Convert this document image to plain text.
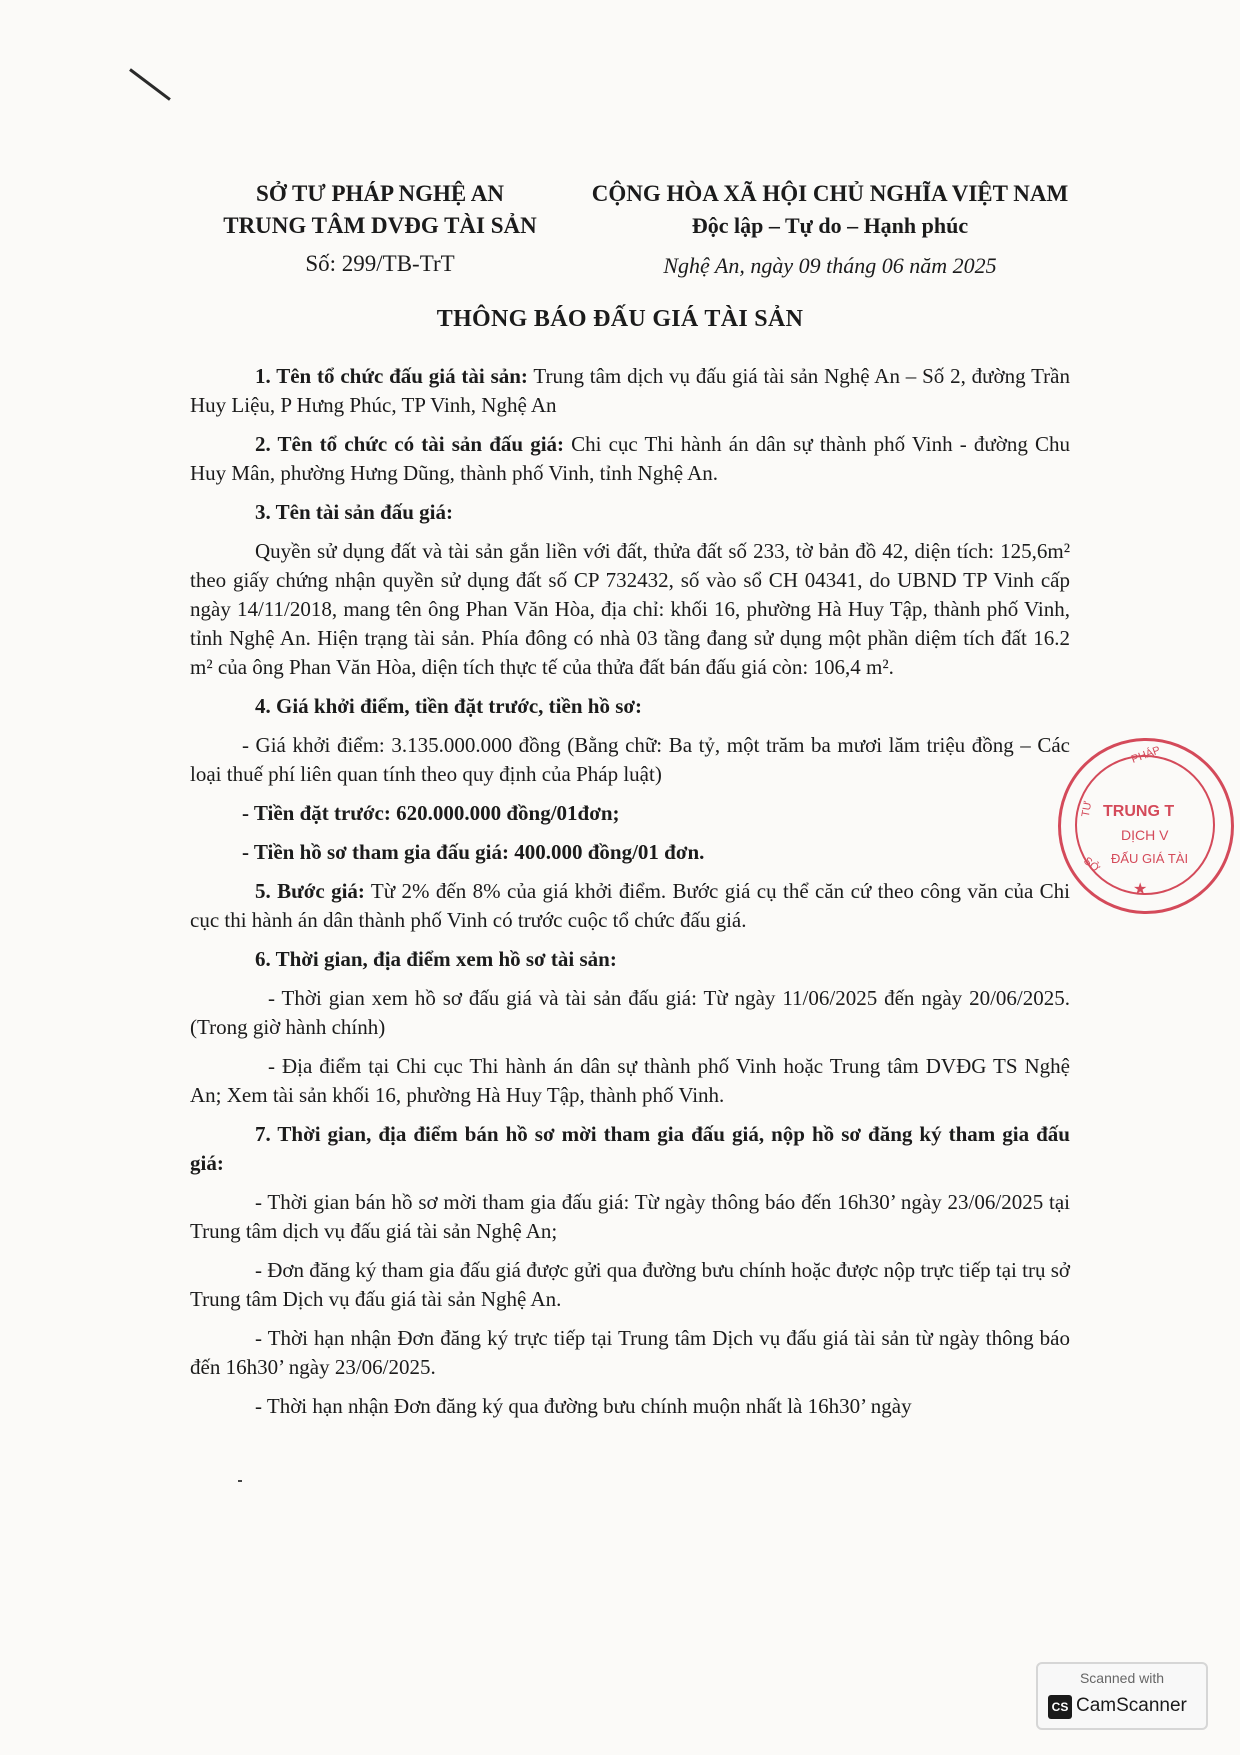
SỞ TƯ PHÁP NGHỆ AN
TRUNG TÂM DVĐG TÀI SẢN
Số: 299/TB-TrT
CỘNG HÒA XÃ HỘI CHỦ NGHĨA VIỆT NAM
Độc lập – Tự do – Hạnh phúc
Nghệ An, ngày 09 tháng 06 năm 2025
THÔNG BÁO ĐẤU GIÁ TÀI SẢN

1. Tên tổ chức đấu giá tài sản: Trung tâm dịch vụ đấu giá tài sản Nghệ An – Số 2, đường Trần Huy Liệu, P Hưng Phúc, TP Vinh, Nghệ An

2. Tên tổ chức có tài sản đấu giá: Chi cục Thi hành án dân sự thành phố Vinh - đường Chu Huy Mân, phường Hưng Dũng, thành phố Vinh, tỉnh Nghệ An.

3. Tên tài sản đấu giá:

Quyền sử dụng đất và tài sản gắn liền với đất, thửa đất số 233, tờ bản đồ 42, diện tích: 125,6m² theo giấy chứng nhận quyền sử dụng đất số CP 732432, số vào sổ CH 04341, do UBND TP Vinh cấp ngày 14/11/2018, mang tên ông Phan Văn Hòa, địa chỉ: khối 16, phường Hà Huy Tập, thành phố Vinh, tỉnh Nghệ An. Hiện trạng tài sản. Phía đông có nhà 03 tầng đang sử dụng một phần diệm tích đất 16.2 m² của ông Phan Văn Hòa, diện tích thực tế của thửa đất bán đấu giá còn: 106,4 m².

4. Giá khởi điểm, tiền đặt trước, tiền hồ sơ:

- Giá khởi điểm: 3.135.000.000 đồng (Bằng chữ: Ba tỷ, một trăm ba mươi lăm triệu đồng – Các loại thuế phí liên quan tính theo quy định của Pháp luật)

- Tiền đặt trước: 620.000.000 đồng/01đơn;

- Tiền hồ sơ tham gia đấu giá: 400.000 đồng/01 đơn.

5. Bước giá: Từ 2% đến 8% của giá khởi điểm. Bước giá cụ thể căn cứ theo công văn của Chi cục thi hành án dân thành phố Vinh có trước cuộc tổ chức đấu giá.

6. Thời gian, địa điểm xem hồ sơ tài sản:

- Thời gian xem hồ sơ đấu giá và tài sản đấu giá: Từ ngày 11/06/2025 đến ngày 20/06/2025. (Trong giờ hành chính)

- Địa điểm tại Chi cục Thi hành án dân sự thành phố Vinh hoặc Trung tâm DVĐG TS Nghệ An; Xem tài sản khối 16, phường Hà Huy Tập, thành phố Vinh.

7. Thời gian, địa điểm bán hồ sơ mời tham gia đấu giá, nộp hồ sơ đăng ký tham gia đấu giá:

- Thời gian bán hồ sơ mời tham gia đấu giá: Từ ngày thông báo đến 16h30’ ngày 23/06/2025 tại Trung tâm dịch vụ đấu giá tài sản Nghệ An;

- Đơn đăng ký tham gia đấu giá được gửi qua đường bưu chính hoặc được nộp trực tiếp tại trụ sở Trung tâm Dịch vụ đấu giá tài sản Nghệ An.

- Thời hạn nhận Đơn đăng ký trực tiếp tại Trung tâm Dịch vụ đấu giá tài sản từ ngày thông báo đến 16h30’ ngày 23/06/2025.

- Thời hạn nhận Đơn đăng ký qua đường bưu chính muộn nhất là 16h30’ ngày

PHÁP
TƯ
SỞ
TRUNG T
DỊCH V
ĐẤU GIÁ TÀI
★
Scanned with
CS CamScanner
